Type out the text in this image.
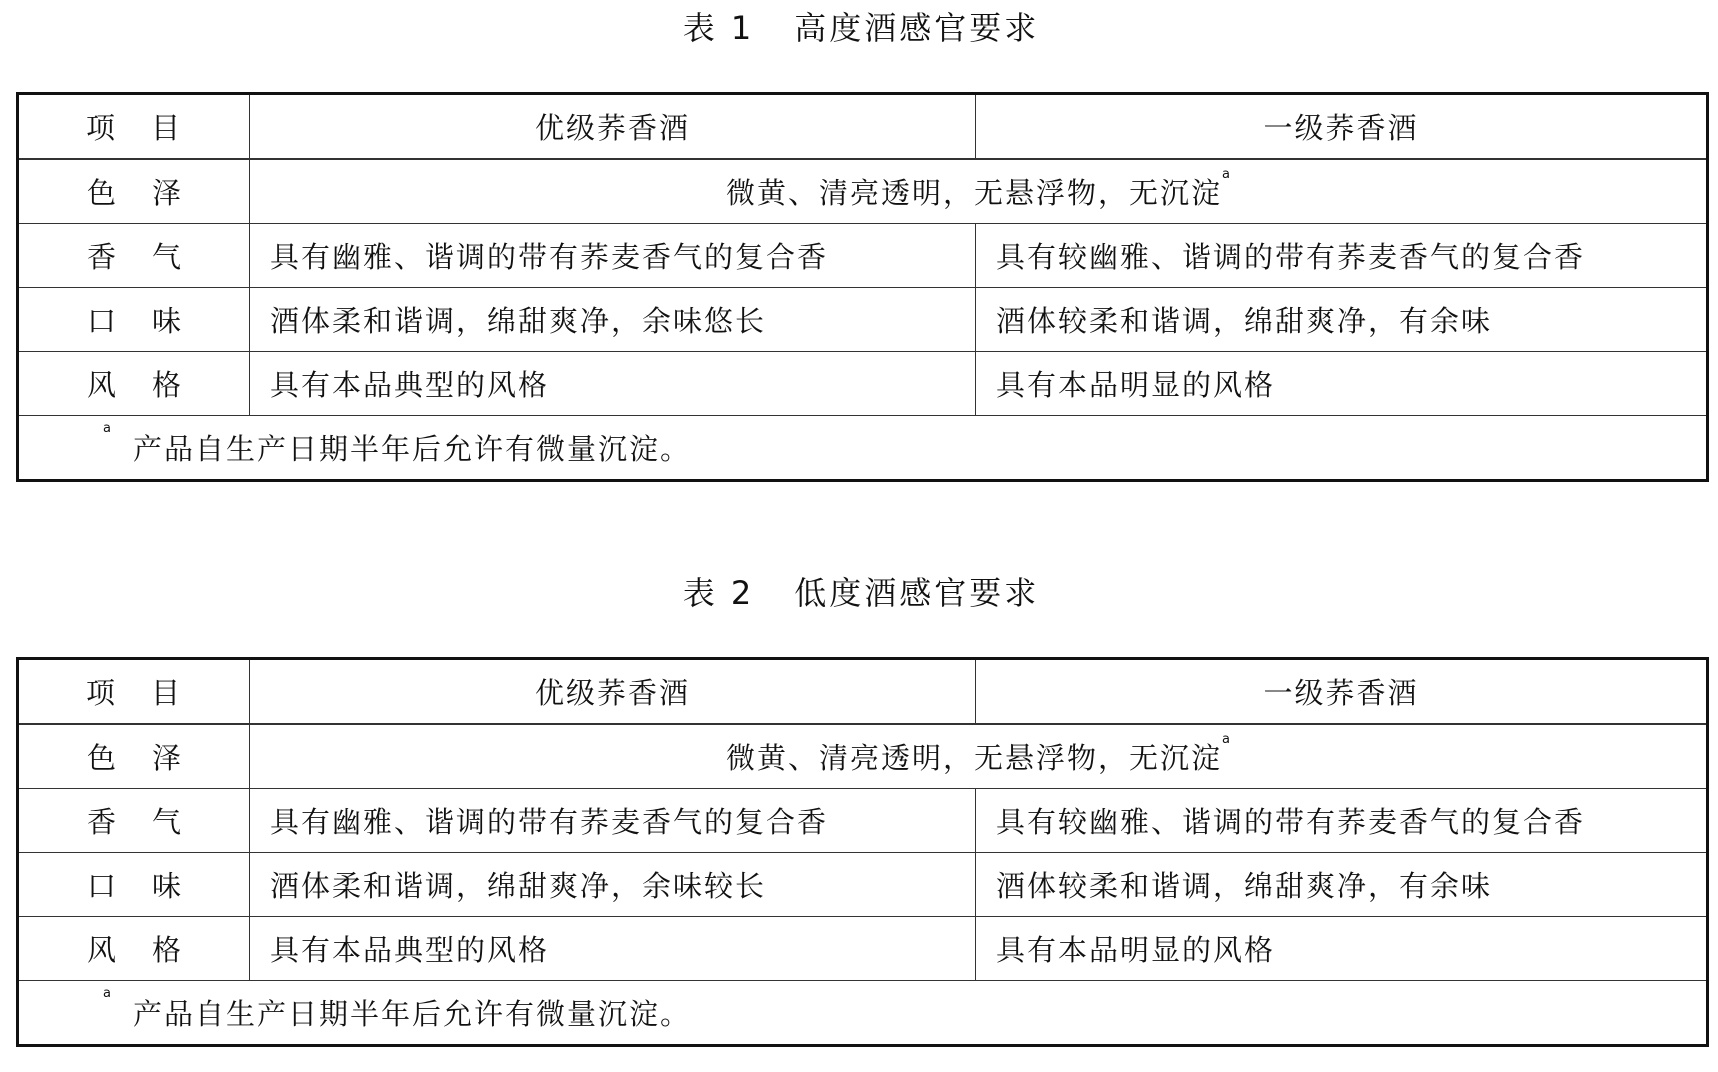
表 1 高度酒感官要求
项 目	优级荞香酒	一级荞香酒
色 泽	微黄、清亮透明，无悬浮物，无沉淀$^a$
香 气	具有幽雅、谐调的带有荞麦香气的复合香	具有较幽雅、谐调的带有荞麦香气的复合香
口 味	酒体柔和谐调，绵甜爽净，余味悠长	酒体较柔和谐调，绵甜爽净，有余味
风 格	具有本品典型的风格	具有本品明显的风格
$^a$产品自生产日期半年后允许有微量沉淀。		
表 2 低度酒感官要求
项 目	优级荞香酒	一级荞香酒
色 泽	微黄、清亮透明，无悬浮物，无沉淀$^a$
香 气	具有幽雅、谐调的带有荞麦香气的复合香	具有较幽雅、谐调的带有荞麦香气的复合香
口 味	酒体柔和谐调，绵甜爽净，余味较长	酒体较柔和谐调，绵甜爽净，有余味
风 格	具有本品典型的风格	具有本品明显的风格
$^a$产品自生产日期半年后允许有微量沉淀。		
